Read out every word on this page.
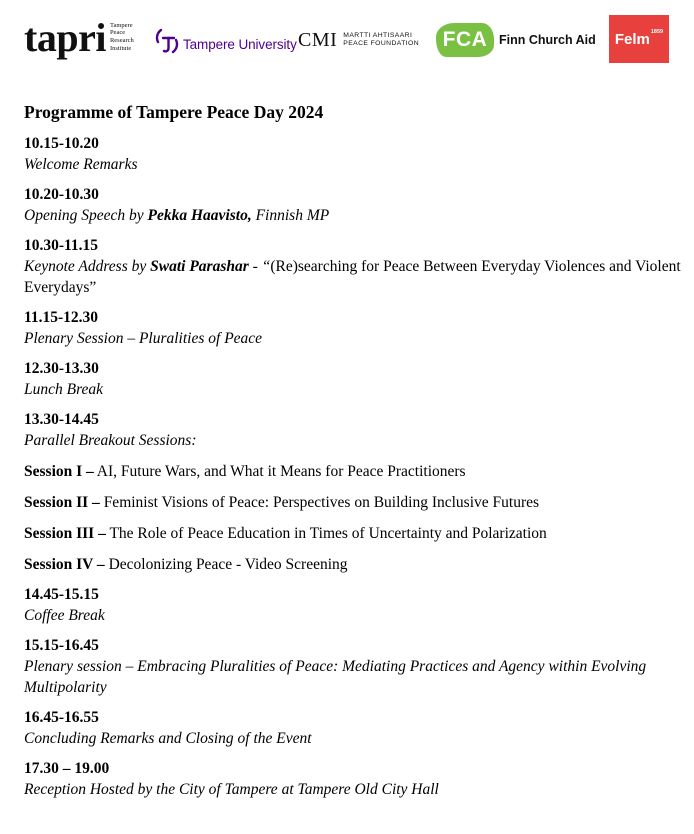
tapri Tampere
Peace
Research
Institute	Tampere University CMI MARTTI AHTISAARI
PEACE FOUNDATION	FCA Finn Church Aid Felm$^{1859}$
Programme of Tampere Peace Day 2024
10.15-10.20
Welcome Remarks
10.20-10.30
Opening Speech by Pekka Haavisto, Finnish MP
10.30-11.15
Keynote Address by Swati Parashar - “(Re)searching for Peace Between Everyday Violences and Violent Everydays”
11.15-12.30
Plenary Session – Pluralities of Peace
12.30-13.30
Lunch Break
13.30-14.45
Parallel Breakout Sessions:
Session I – AI, Future Wars, and What it Means for Peace Practitioners
Session II – Feminist Visions of Peace: Perspectives on Building Inclusive Futures
Session III – The Role of Peace Education in Times of Uncertainty and Polarization
Session IV – Decolonizing Peace - Video Screening
14.45-15.15
Coffee Break
15.15-16.45
Plenary session – Embracing Pluralities of Peace: Mediating Practices and Agency within Evolving Multipolarity
16.45-16.55
Concluding Remarks and Closing of the Event
17.30 – 19.00
Reception Hosted by the City of Tampere at Tampere Old City Hall
